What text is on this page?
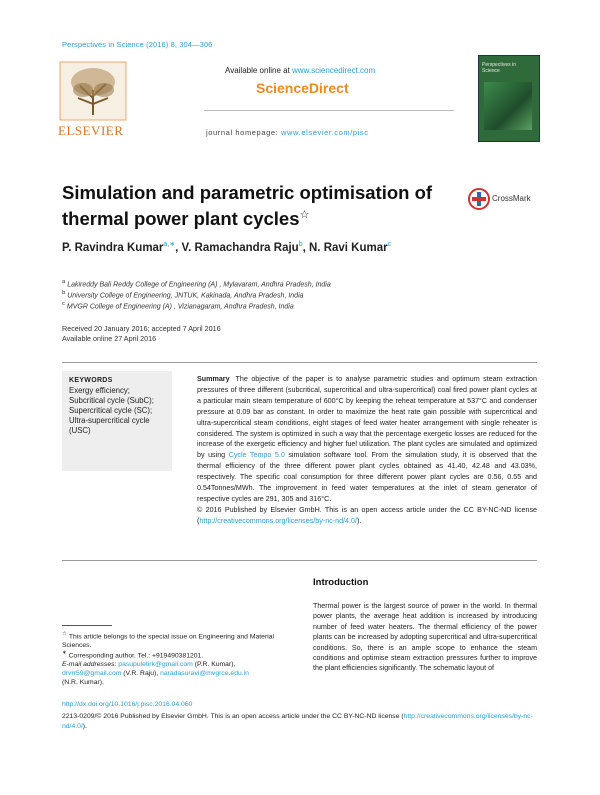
Perspectives in Science (2016) 8, 304—306
ELSEVIER
Available online at www.sciencedirect.com
ScienceDirect
journal homepage: www.elsevier.com/pisc
Perspectives in Science
Simulation and parametric optimisation of thermal power plant cycles☆
CrossMark
P. Ravindra Kumar$^{a,∗}$, V. Ramachandra Raju$^b$, N. Ravi Kumar$^c$
$^a$ Lakireddy Bali Reddy College of Engineering (A) , Mylavaram, Andhra Pradesh, India
$^b$ University College of Engineering, JNTUK, Kakinada, Andhra Pradesh, India
$^c$ MVGR College of Engineering (A) , Vizianagaram, Andhra Pradesh, India
Received 20 January 2016; accepted 7 April 2016
Available online 27 April 2016
KEYWORDS
Exergy efficiency;
Subcritical cycle (SubC);
Supercritical cycle (SC);
Ultra-supercritical cycle (USC)
Summary The objective of the paper is to analyse parametric studies and optimum steam extraction pressures of three different (subcritical, supercritical and ultra-supercritical) coal fired power plant cycles at a particular main steam temperature of 600°C by keeping the reheat temperature at 537°C and condenser pressure at 0.09 bar as constant. In order to maximize the heat rate gain possible with supercritical and ultra-supercritical steam conditions, eight stages of feed water heater arrangement with single reheater is considered. The system is optimized in such a way that the percentage exergetic losses are reduced for the increase of the exergetic efficiency and higher fuel utilization. The plant cycles are simulated and optimized by using Cycle Tempo 5.0 simulation software tool. From the simulation study, it is observed that the thermal efficiency of the three different power plant cycles obtained as 41.40, 42.48 and 43.03%, respectively. The specific coal consumption for three different power plant cycles are 0.56, 0.55 and 0.54Tonnes/MWh. The improvement in feed water temperatures at the inlet of steam generator of respective cycles are 291, 305 and 316°C.
© 2016 Published by Elsevier GmbH. This is an open access article under the CC BY-NC-ND license (http://creativecommons.org/licenses/by-nc-nd/4.0/).
Introduction
Thermal power is the largest source of power in the world. In thermal power plants, the average heat addition is increased by introducing number of feed water heaters. The thermal efficiency of the power plants can be increased by adopting supercritical and ultra-supercritical conditions. So, there is an ample scope to enhance the steam conditions and optimise steam extraction pressures further to improve the plant efficiencies significantly. The schematic layout of
☆ This article belongs to the special issue on Engineering and Material Sciences.
∗ Corresponding author. Tel.: +919490381201.
E-mail addresses: pasupuletirk@gmail.com (P.R. Kumar),
drvrr59@gmail.com (V.R. Raju), naradasuravi@mvgrce.edu.in
(N.R. Kumar).
http://dx.doi.org/10.1016/j.pisc.2016.04.060
2213-0209/© 2016 Published by Elsevier GmbH. This is an open access article under the CC BY-NC-ND license (http://creativecommons.org/licenses/by-nc-nd/4.0/).
